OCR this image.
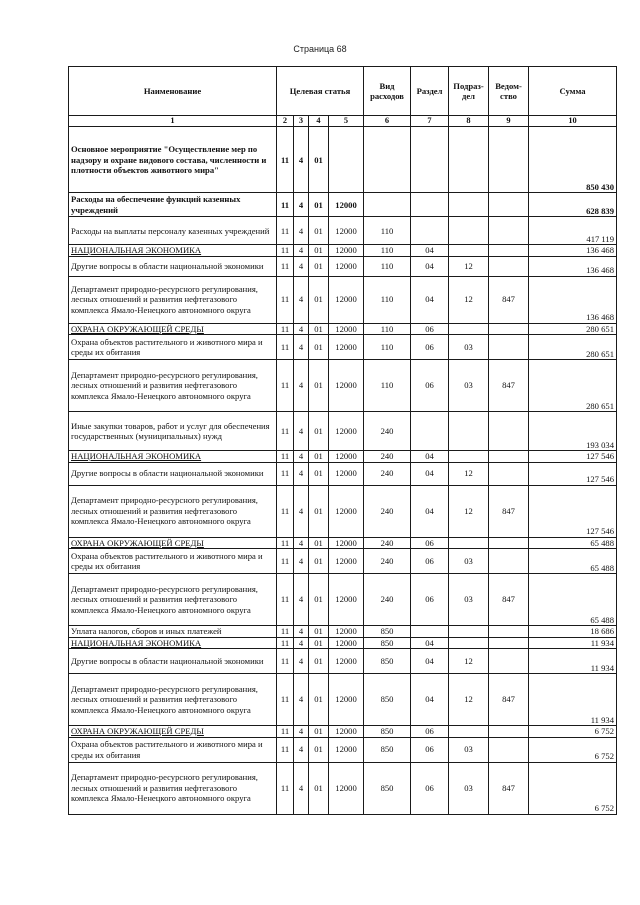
Страница 68
Наименование	Целевая статья				Вид расходов	Раздел	Подраз-дел	Ведом-ство	Сумма
1	2	3	4	5	6	7	8	9	10
Основное мероприятие "Осуществление мер по надзору и охране видового состава, численности и плотности объектов животного мира"	11	4	01						850 430
Расходы на обеспечение функций казенных учреждений	11	4	01	12000					628 839
Расходы на выплаты персоналу казенных учреждений	11	4	01	12000	110				417 119
НАЦИОНАЛЬНАЯ ЭКОНОМИКА	11	4	01	12000	110	04			136 468
Другие вопросы в области национальной экономики	11	4	01	12000	110	04	12		136 468
Департамент природно-ресурсного регулирования, лесных отношений и развития нефтегазового комплекса Ямало-Ненецкого автономного округа	11	4	01	12000	110	04	12	847	136 468
ОХРАНА ОКРУЖАЮЩЕЙ СРЕДЫ	11	4	01	12000	110	06			280 651
Охрана объектов растительного и животного мира и среды их обитания	11	4	01	12000	110	06	03		280 651
Департамент природно-ресурсного регулирования, лесных отношений и развития нефтегазового комплекса Ямало-Ненецкого автономного округа	11	4	01	12000	110	06	03	847	280 651
Иные закупки товаров, работ и услуг для обеспечения государственных (муниципальных) нужд	11	4	01	12000	240				193 034
НАЦИОНАЛЬНАЯ ЭКОНОМИКА	11	4	01	12000	240	04			127 546
Другие вопросы в области национальной экономики	11	4	01	12000	240	04	12		127 546
Департамент природно-ресурсного регулирования, лесных отношений и развития нефтегазового комплекса Ямало-Ненецкого автономного округа	11	4	01	12000	240	04	12	847	127 546
ОХРАНА ОКРУЖАЮЩЕЙ СРЕДЫ	11	4	01	12000	240	06			65 488
Охрана объектов растительного и животного мира и среды их обитания	11	4	01	12000	240	06	03		65 488
Департамент природно-ресурсного регулирования, лесных отношений и развития нефтегазового комплекса Ямало-Ненецкого автономного округа	11	4	01	12000	240	06	03	847	65 488
Уплата налогов, сборов и иных платежей	11	4	01	12000	850				18 686
НАЦИОНАЛЬНАЯ ЭКОНОМИКА	11	4	01	12000	850	04			11 934
Другие вопросы в области национальной экономики	11	4	01	12000	850	04	12		11 934
Департамент природно-ресурсного регулирования, лесных отношений и развития нефтегазового комплекса Ямало-Ненецкого автономного округа	11	4	01	12000	850	04	12	847	11 934
ОХРАНА ОКРУЖАЮЩЕЙ СРЕДЫ	11	4	01	12000	850	06			6 752
Охрана объектов растительного и животного мира и среды их обитания	11	4	01	12000	850	06	03		6 752
Департамент природно-ресурсного регулирования, лесных отношений и развития нефтегазового комплекса Ямало-Ненецкого автономного округа	11	4	01	12000	850	06	03	847	6 752
